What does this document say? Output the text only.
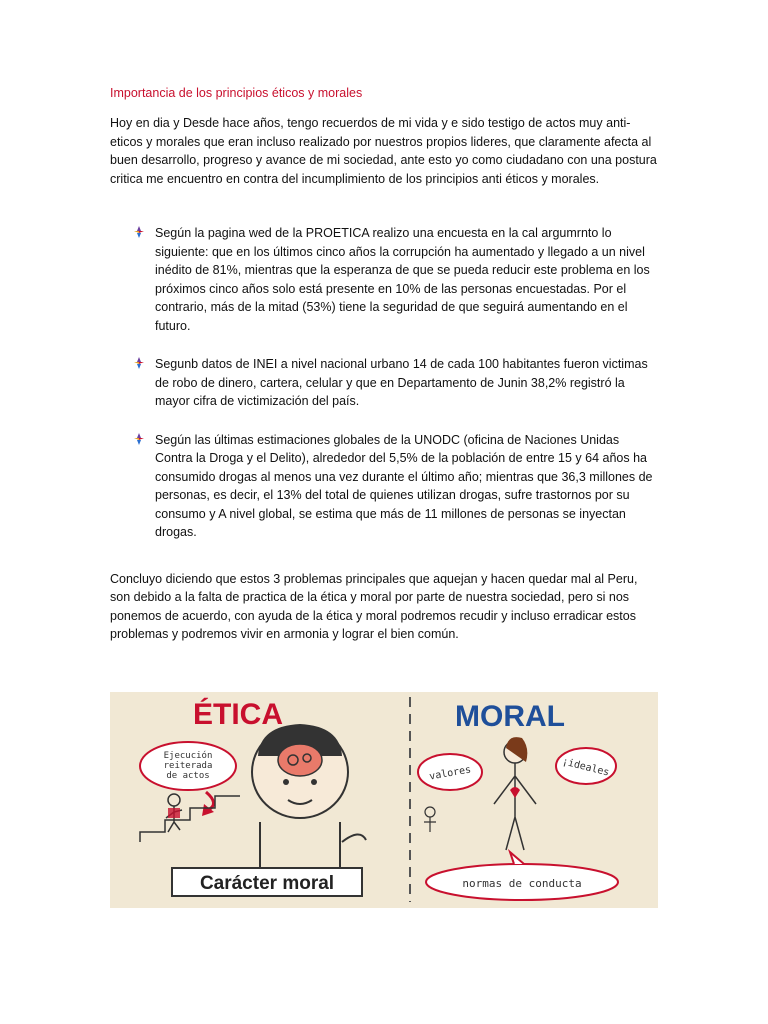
Importancia de los principios éticos y morales

Hoy en dia y Desde hace años, tengo recuerdos de mi vida y e sido testigo de actos muy anti-eticos y morales que eran incluso realizado por nuestros propios lideres, que claramente afecta al buen desarrollo, progreso y avance de mi sociedad, ante esto yo como ciudadano con una postura critica me encuentro en contra del incumplimiento de los principios anti éticos y morales.

Según la pagina wed de la PROETICA realizo una encuesta en la cal argumrnto lo siguiente: que en los últimos cinco años la corrupción ha aumentado y llegado a un nivel inédito de 81%, mientras que la esperanza de que se pueda reducir este problema en los próximos cinco años solo está presente en 10% de las personas encuestadas. Por el contrario, más de la mitad (53%) tiene la seguridad de que seguirá aumentando en el futuro.
Segunb datos de INEI a nivel nacional urbano 14 de cada 100 habitantes fueron victimas de robo de dinero, cartera, celular y que en Departamento de Junin 38,2% registró la mayor cifra de victimización del país.
Según las últimas estimaciones globales de la UNODC (oficina de Naciones Unidas Contra la Droga y el Delito), alrededor del 5,5% de la población de entre 15 y 64 años ha consumido drogas al menos una vez durante el último año; mientras que 36,3 millones de personas, es decir, el 13% del total de quienes utilizan drogas, sufre trastornos por su consumo y A nivel global, se estima que más de 11 millones de personas se inyectan drogas.

Concluyo diciendo que estos 3 problemas principales que aquejan y hacen quedar mal al Peru, son debido a la falta de practica de la ética y moral por parte de nuestra sociedad, pero si nos ponemos de acuerdo, con ayuda de la ética y moral podremos recudir y incluso erradicar estos problemas y podremos vivir en armonia y lograr el bien común.

ÉTICA
Ejecución
reiterada
de actos
Carácter moral
MORAL
valores	¡ideales
normas de conducta
